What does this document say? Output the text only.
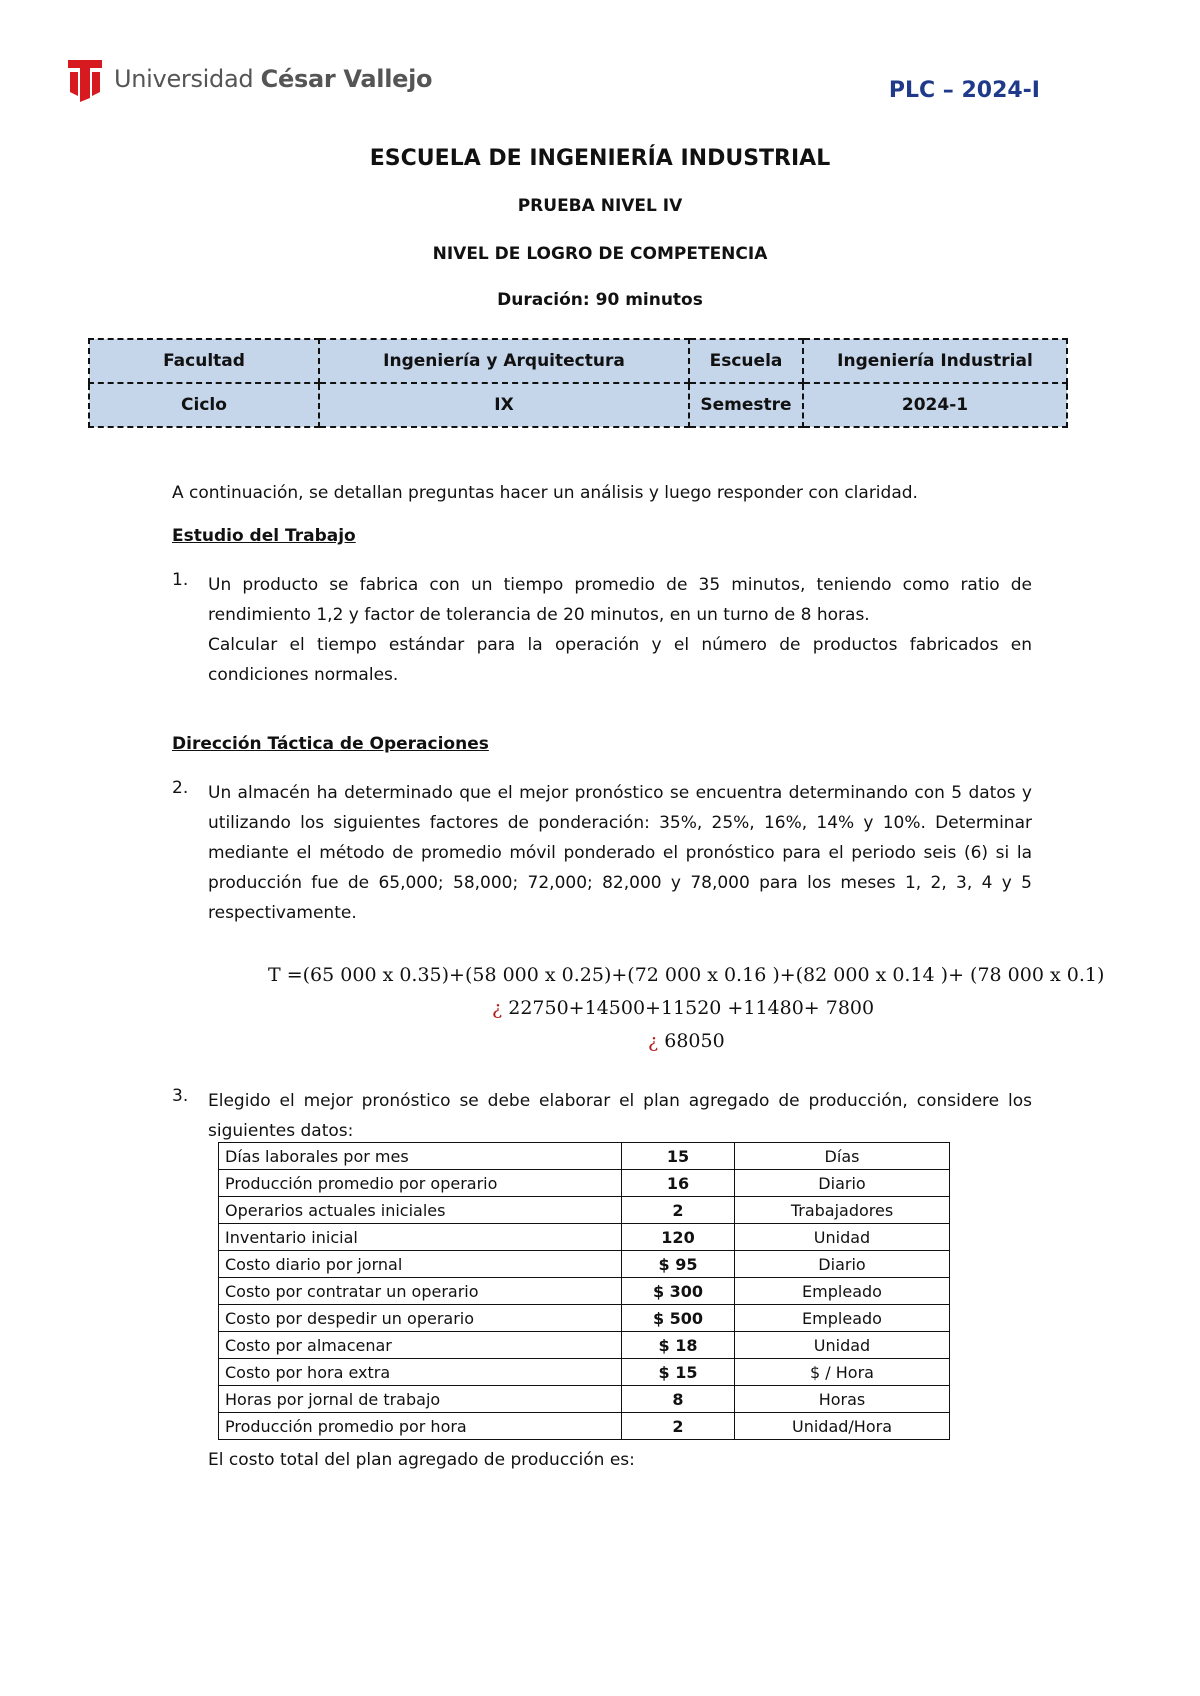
Universidad César Vallejo	PLC – 2024-I
ESCUELA DE INGENIERÍA INDUSTRIAL
PRUEBA NIVEL IV
NIVEL DE LOGRO DE COMPETENCIA
Duración: 90 minutos
Facultad	Ingeniería y Arquitectura	Escuela	Ingeniería Industrial
Ciclo	IX	Semestre	2024-1
A continuación, se detallan preguntas hacer un análisis y luego responder con claridad.
Estudio del Trabajo
1. Un producto se fabrica con un tiempo promedio de 35 minutos, teniendo como ratio de rendimiento 1,2 y factor de tolerancia de 20 minutos, en un turno de 8 horas.
Calcular el tiempo estándar para la operación y el número de productos fabricados en condiciones normales.
Dirección Táctica de Operaciones
2. Un almacén ha determinado que el mejor pronóstico se encuentra determinando con 5 datos y utilizando los siguientes factores de ponderación: 35%, 25%, 16%, 14% y 10%. Determinar mediante el método de promedio móvil ponderado el pronóstico para el periodo seis (6) si la producción fue de 65,000; 58,000; 72,000; 82,000 y 78,000 para los meses 1, 2, 3, 4 y 5 respectivamente.
T =(65 000 x 0.35)+(58 000 x 0.25)+(72 000 x 0.16 )+(82 000 x 0.14 )+ (78 000 x 0.1)
¿ 22750+14500+11520 +11480+ 7800
¿ 68050
3. Elegido el mejor pronóstico se debe elaborar el plan agregado de producción, considere los siguientes datos:
Días laborales por mes	15	Días
Producción promedio por operario	16	Diario
Operarios actuales iniciales	2	Trabajadores
Inventario inicial	120	Unidad
Costo diario por jornal	$ 95	Diario
Costo por contratar un operario	$ 300	Empleado
Costo por despedir un operario	$ 500	Empleado
Costo por almacenar	$ 18	Unidad
Costo por hora extra	$ 15	$ / Hora
Horas por jornal de trabajo	8	Horas
Producción promedio por hora	2	Unidad/Hora
El costo total del plan agregado de producción es:
